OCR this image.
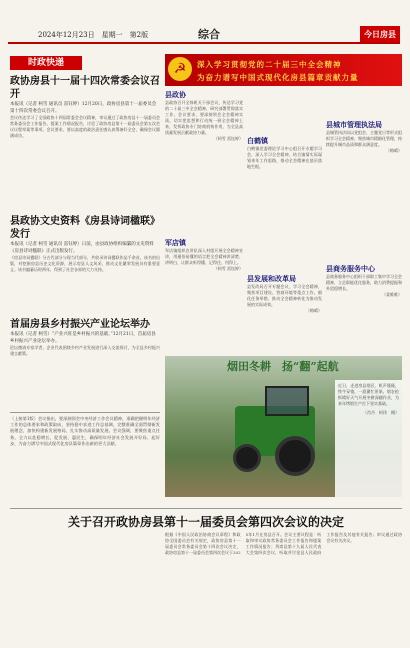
2024年12月23日　星期一　第2版	综合	今日房县
时政快递
政协房县十一届十四次常委会议召开
本报讯（记者 柯雪 通讯员 雷钰婷）12月20日，政协房县第十一届委员会第十四次常委会议召开。
会议传达学习了全国政协十四届常委会会议精神，审议通过了政协房县十一届委员会常务委员会工作报告、提案工作情况报告，讨论了政协房县第十一届委员会第五次会议议程草案等事项。会议要求，要以高度的政治责任感认真筹备好全会，确保会议圆满成功。
县政协文史资料《房县诗词楹联》发行
本报讯（记者 柯雪 通讯员 雷钰婷）日前，由县政协组织编纂的文史资料《房县诗词楹联》正式出版发行。
《房县诗词楹联》分古代部分与现当代部分，共收录诗词楹联作品千余首。该书的出版，对挖掘房县历史文化资源，展示房县人文风采，推动文化繁荣发展具有重要意义。该书编纂历时两年，得到了社会各界的大力支持。
首届房县乡村振兴产业论坛举办
本报讯（记者 柯雪）“产业兴旺是乡村振兴的基础。”12月21日，首届房县乡村振兴产业论坛举办。
论坛邀请专家学者、企业代表围绕乡村产业发展进行深入交流探讨，为全县乡村振兴建言献策。
（上接第1版）会议指出，要深刻领会中央经济工作会议精神，准确把握明年经济工作的总体要求和政策取向，坚持稳中求进工作总基调，完整准确全面贯彻新发展理念，加快构建新发展格局，扎实推动高质量发展。会议强调，要聚焦重点任务，全力以赴稳增长、促发展、惠民生，确保明年经济社会发展开好局、起好步，为奋力谱写中国式现代化房县篇章作出新的更大贡献。
☭	深入学习贯彻党的二十届三中全会精神
为奋力谱写中国式现代化房县篇章贡献力量
县政协
县政协召开全体机关干部会议，传达学习党的二十届三中全会精神，研究部署贯彻落实工作。会议要求，要深刻领会全会精神实质，切实把思想和行动统一到全会精神上来，发挥政协专门协商机构作用，为全县高质量发展贡献政协力量。
（柯雪 雷钰婷）
军店镇
军店镇组织宣讲队深入村组开展全会精神宣讲，用通俗易懂的语言把全会精神讲清楚、讲明白，让群众听得懂、记得住、用得上。
（柯雪 雷钰婷）
白鹤镇
白鹤镇党委理论学习中心组召开专题学习会，深入学习全会精神，结合镇情实际谋划来年工作思路，推动全会精神在基层落地生根。
县发展和改革局
县发改局召开专题会议，学习全会精神，聚焦项目建设、营商环境等重点工作，细化任务举措，推动全会精神转化为推动发展的实际成效。
（梅晴）
县城市管理执法局
县城管执法局以党组会、主题党日等形式组织学习全会精神，聚焦城市精细化管理，持续提升城市品质和群众满意度。
（梅晴）
县商务服务中心
县商务服务中心组织干部职工集中学习全会精神，立足职能优化服务，助力消费提振和外贸稳增长。
（姜维维）
烟田冬耕　扬“翻”起航
近日，走进房县烟区，机声隆隆，铁牛穿梭，一派繁忙景象。烟农抢抓晴好天气开展冬耕深翻作业，为来年烤烟生产打下坚实基础。
（肖丹　柯玮　摄）
关于召开政协房县第十一届委员会第四次会议的决定
根据《中国人民政治协商会议章程》和政协全国委员会有关规定，政协房县第十一届委员会常务委员会第十四次会议决定，政协房县第十一届委员会第四次会议于2025年1月在房县召开。会议主要议程是：听取和审议政协常务委员会工作报告和提案工作情况报告；列席县第十九届人民代表大会第四次会议，听取并讨论县人民政府工作报告及其他有关报告；审议通过政协会议有关决议。
